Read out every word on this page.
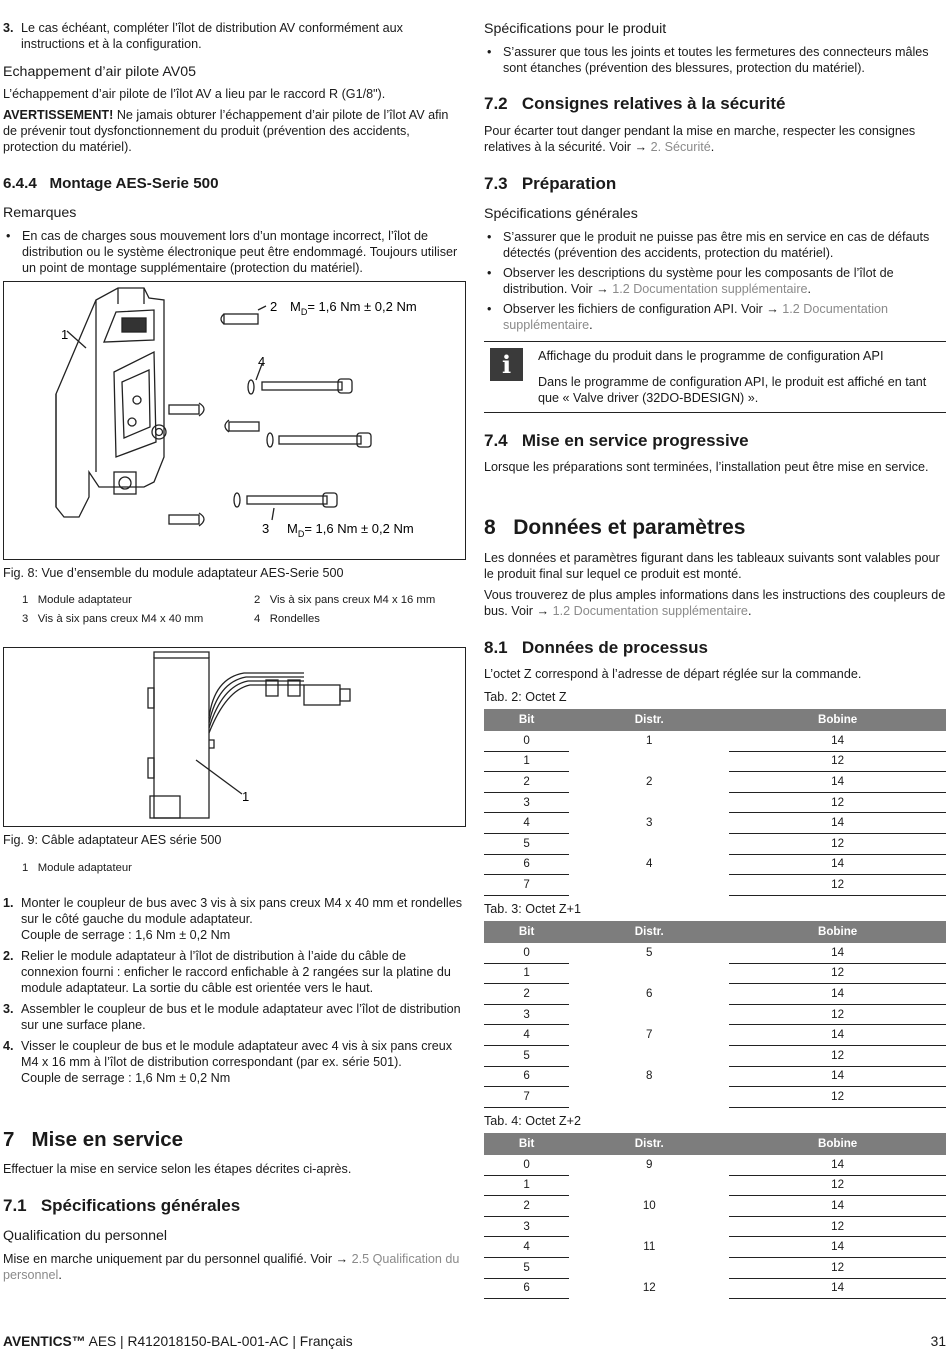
3. Le cas échéant, compléter l’îlot de distribution AV conformément aux instructions et à la configuration.
Echappement d’air pilote AV05

L’échappement d’air pilote de l’îlot AV a lieu par le raccord R (G1/8").

AVERTISSEMENT! Ne jamais obturer l’échappement d’air pilote de l’îlot AV afin de prévenir tout dysfonctionnement du produit (prévention des accidents, protection du matériel).

6.4.4 Montage AES-Serie 500
Remarques
• En cas de charges sous mouvement lors d’un montage incorrect, l’îlot de distribution ou le système électronique peut être endommagé. Toujours utiliser un point de montage supplémentaire (protection du matériel).
1
2
4
3
$M_D= 1,6$ Nm ± 0,2 Nm
$M_D= 1,6$ Nm ± 0,2 Nm

Fig. 8: Vue d’ensemble du module adaptateur AES-Serie 500

1 Module adaptateur	2 Vis à six pans creux M4 x 16 mm
3 Vis à six pans creux M4 x 40 mm	4 Rondelles
1

Fig. 9: Câble adaptateur AES série 500

1 Module adaptateur
1. Monter le coupleur de bus avec 3 vis à six pans creux M4 x 40 mm et rondelles sur le côté gauche du module adaptateur.
Couple de serrage : 1,6 Nm ± 0,2 Nm
2. Relier le module adaptateur à l’îlot de distribution à l’aide du câble de connexion fourni : enficher le raccord enfichable à 2 rangées sur la platine du module adaptateur. La sortie du câble est orientée vers le haut.
3. Assembler le coupleur de bus et le module adaptateur avec l’îlot de distribution sur une surface plane.
4. Visser le coupleur de bus et le module adaptateur avec 4 vis à six pans creux M4 x 16 mm à l’îlot de distribution correspondant (par ex. série 501).
Couple de serrage : 1,6 Nm ± 0,2 Nm
7 Mise en service

Effectuer la mise en service selon les étapes décrites ci-après.

7.1 Spécifications générales
Qualification du personnel

Mise en marche uniquement par du personnel qualifié. Voir → 2.5 Qualification du personnel.

Spécifications pour le produit
• S’assurer que tous les joints et toutes les fermetures des connecteurs mâles sont étanches (prévention des blessures, protection du matériel).
7.2 Consignes relatives à la sécurité

Pour écarter tout danger pendant la mise en marche, respecter les consignes relatives à la sécurité. Voir → 2. Sécurité.

7.3 Préparation
Spécifications générales
• S’assurer que le produit ne puisse pas être mis en service en cas de défauts détectés (prévention des accidents, protection du matériel).
• Observer les descriptions du système pour les composants de l’îlot de distribution. Voir → 1.2 Documentation supplémentaire.
• Observer les fichiers de configuration API. Voir → 1.2 Documentation supplémentaire.
i	Affichage du produit dans le programme de configuration API

Dans le programme de configuration API, le produit est affiché en tant que « Valve driver (32DO-BDESIGN) ».

7.4 Mise en service progressive

Lorsque les préparations sont terminées, l’installation peut être mise en service.

8 Données et paramètres

Les données et paramètres figurant dans les tableaux suivants sont valables pour le produit final sur lequel ce produit est monté.

Vous trouverez de plus amples informations dans les instructions des coupleurs de bus. Voir → 1.2 Documentation supplémentaire.

8.1 Données de processus

L’octet Z correspond à l’adresse de départ réglée sur la commande.

Tab. 2: Octet Z

Bit	Distr.	Bobine
0	1	14
1		12
2	2	14
3		12
4	3	14
5		12
6	4	14
7		12

Tab. 3: Octet Z+1

Bit	Distr.	Bobine
0	5	14
1		12
2	6	14
3		12
4	7	14
5		12
6	8	14
7		12

Tab. 4: Octet Z+2

Bit	Distr.	Bobine
0	9	14
1		12
2	10	14
3		12
4	11	14
5		12
6	12	14
AVENTICS™ AES | R412018150-BAL-001-AC | Français	31
